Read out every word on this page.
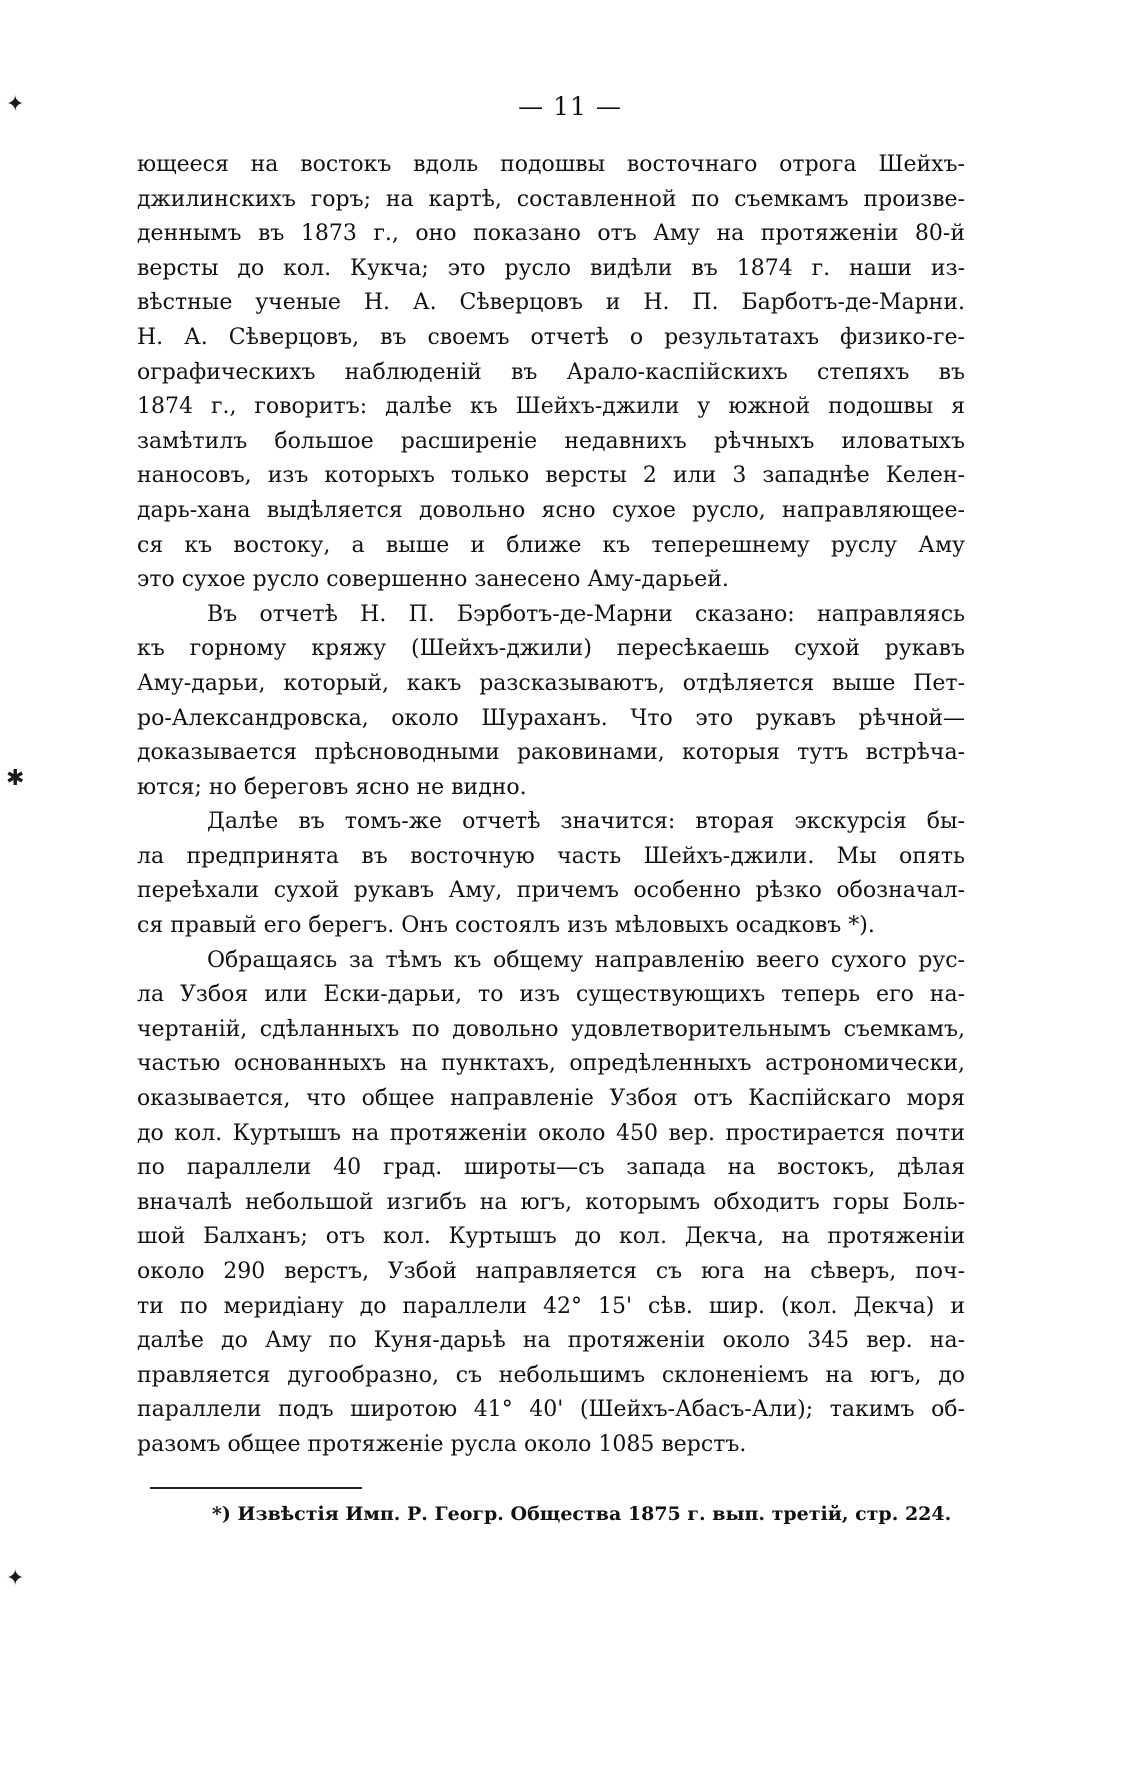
✦
✱
✦
— 11 —
ющееся на востокъ вдоль подошвы восточнаго отрога Шейхъ-
джилинскихъ горъ; на картѣ, составленной по съемкамъ произве-
деннымъ въ 1873 г., оно показано отъ Аму на протяженіи 80-й
версты до кол. Кукча; это русло видѣли въ 1874 г. наши из-
вѣстные ученые Н. А. Сѣверцовъ и Н. П. Барботъ-де-Марни.
Н. А. Сѣверцовъ, въ своемъ отчетѣ о результатахъ физико-ге-
ографическихъ наблюденій въ Арало-каспійскихъ степяхъ въ
1874 г., говоритъ: далѣе къ Шейхъ-джили у южной подошвы я
замѣтилъ большое расширеніе недавнихъ рѣчныхъ иловатыхъ
наносовъ, изъ которыхъ только версты 2 или 3 западнѣе Келен-
дарь-хана выдѣляется довольно ясно сухое русло, направляющее-
ся къ востоку, а выше и ближе къ теперешнему руслу Аму
это сухое русло совершенно занесено Аму-дарьей.
Въ отчетѣ Н. П. Бэрботъ-де-Марни сказано: направляясь
къ горному кряжу (Шейхъ-джили) пересѣкаешь сухой рукавъ
Аму-дарьи, который, какъ разсказываютъ, отдѣляется выше Пет-
ро-Александровска, около Шураханъ. Что это рукавъ рѣчной—
доказывается прѣсноводными раковинами, которыя тутъ встрѣча-
ются; но береговъ ясно не видно.
Далѣе въ томъ-же отчетѣ значится: вторая экскурсія бы-
ла предпринята въ восточную часть Шейхъ-джили. Мы опять
переѣхали сухой рукавъ Аму, причемъ особенно рѣзко обозначал-
ся правый его берегъ. Онъ состоялъ изъ мѣловыхъ осадковъ *).
Обращаясь за тѣмъ къ общему направленію веего сухого рус-
ла Узбоя или Ески-дарьи, то изъ существующихъ теперь его на-
чертаній, сдѣланныхъ по довольно удовлетворительнымъ съемкамъ,
частью основанныхъ на пунктахъ, опредѣленныхъ астрономически,
оказывается, что общее направленіе Узбоя отъ Каспійскаго моря
до кол. Куртышъ на протяженіи около 450 вер. простирается почти
по параллели 40 град. широты—съ запада на востокъ, дѣлая
вначалѣ небольшой изгибъ на югъ, которымъ обходитъ горы Боль-
шой Балханъ; отъ кол. Куртышъ до кол. Декча, на протяженіи
около 290 верстъ, Узбой направляется съ юга на сѣверъ, поч-
ти по меридіану до параллели 42° 15' сѣв. шир. (кол. Декча) и
далѣе до Аму по Куня-дарьѣ на протяженіи около 345 вер. на-
правляется дугообразно, съ небольшимъ склоненіемъ на югъ, до
параллели подъ широтою 41° 40' (Шейхъ-Абасъ-Али); такимъ об-
разомъ общее протяженіе русла около 1085 верстъ.
*) Извѣстія Имп. Р. Геогр. Общества 1875 г. вып. третій, стр. 224.
